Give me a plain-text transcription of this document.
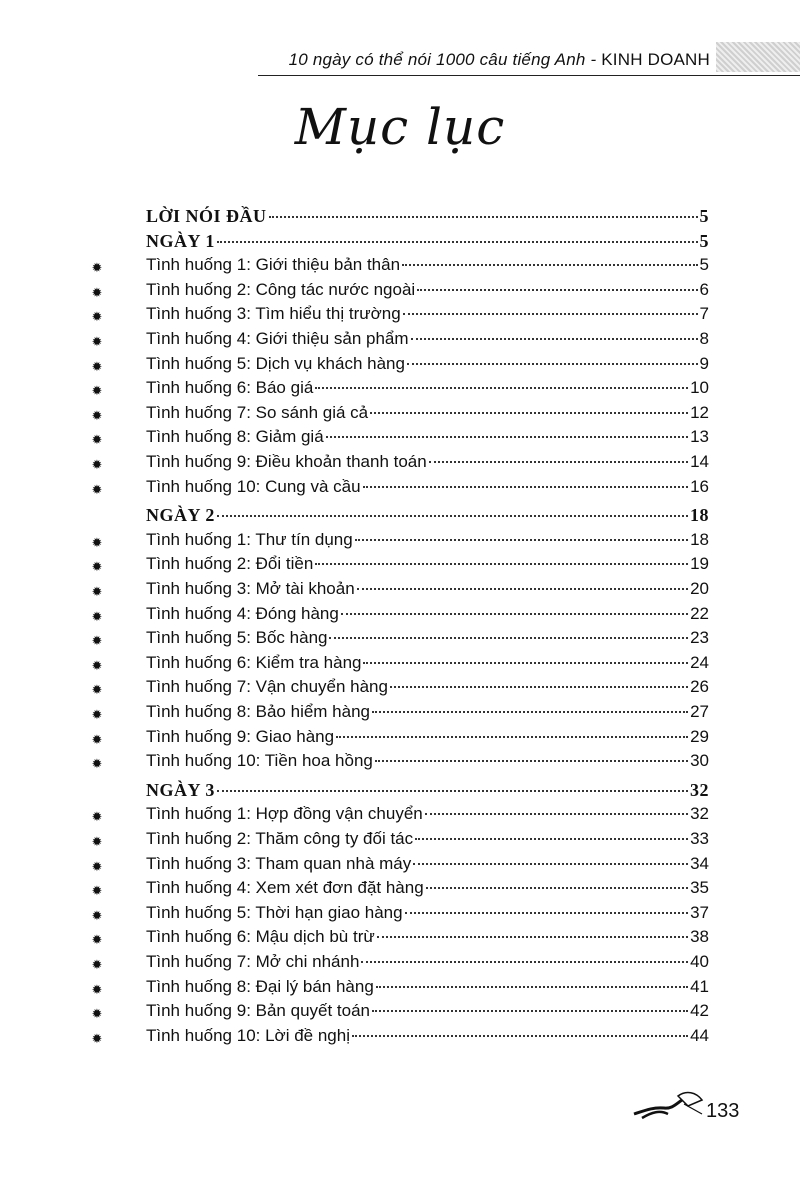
10 ngày có thể nói 1000 câu tiếng Anh - KINH DOANH
Mục lục
LỜI NÓI ĐẦU	5
NGÀY 1	5
Tình huống 1: Giới thiệu bản thân	5
✹
Tình huống 2: Công tác nước ngoài	6
✹
Tình huống 3: Tìm hiểu thị trường	7
✹
Tình huống 4: Giới thiệu sản phẩm	8
✹
Tình huống 5: Dịch vụ khách hàng	9
✹
Tình huống 6: Báo giá	10
✹
Tình huống 7: So sánh giá cả	12
✹
Tình huống 8: Giảm giá	13
✹
Tình huống 9: Điều khoản thanh toán	14
✹
Tình huống 10: Cung và cầu	16
✹
NGÀY 2	18
Tình huống 1: Thư tín dụng	18
✹
Tình huống 2: Đổi tiền	19
✹
Tình huống 3: Mở tài khoản	20
✹
Tình huống 4: Đóng hàng	22
✹
Tình huống 5: Bốc hàng	23
✹
Tình huống 6: Kiểm tra hàng	24
✹
Tình huống 7: Vận chuyển hàng	26
✹
Tình huống 8: Bảo hiểm hàng	27
✹
Tình huống 9: Giao hàng	29
✹
Tình huống 10: Tiền hoa hồng	30
✹
NGÀY 3	32
Tình huống 1: Hợp đồng vận chuyển	32
✹
Tình huống 2: Thăm công ty đối tác	33
✹
Tình huống 3: Tham quan nhà máy	34
✹
Tình huống 4: Xem xét đơn đặt hàng	35
✹
Tình huống 5: Thời hạn giao hàng	37
✹
Tình huống 6: Mậu dịch bù trừ	38
✹
Tình huống 7: Mở chi nhánh	40
✹
Tình huống 8: Đại lý bán hàng	41
✹
Tình huống 9: Bản quyết toán	42
✹
Tình huống 10: Lời đề nghị	44
✹
133
